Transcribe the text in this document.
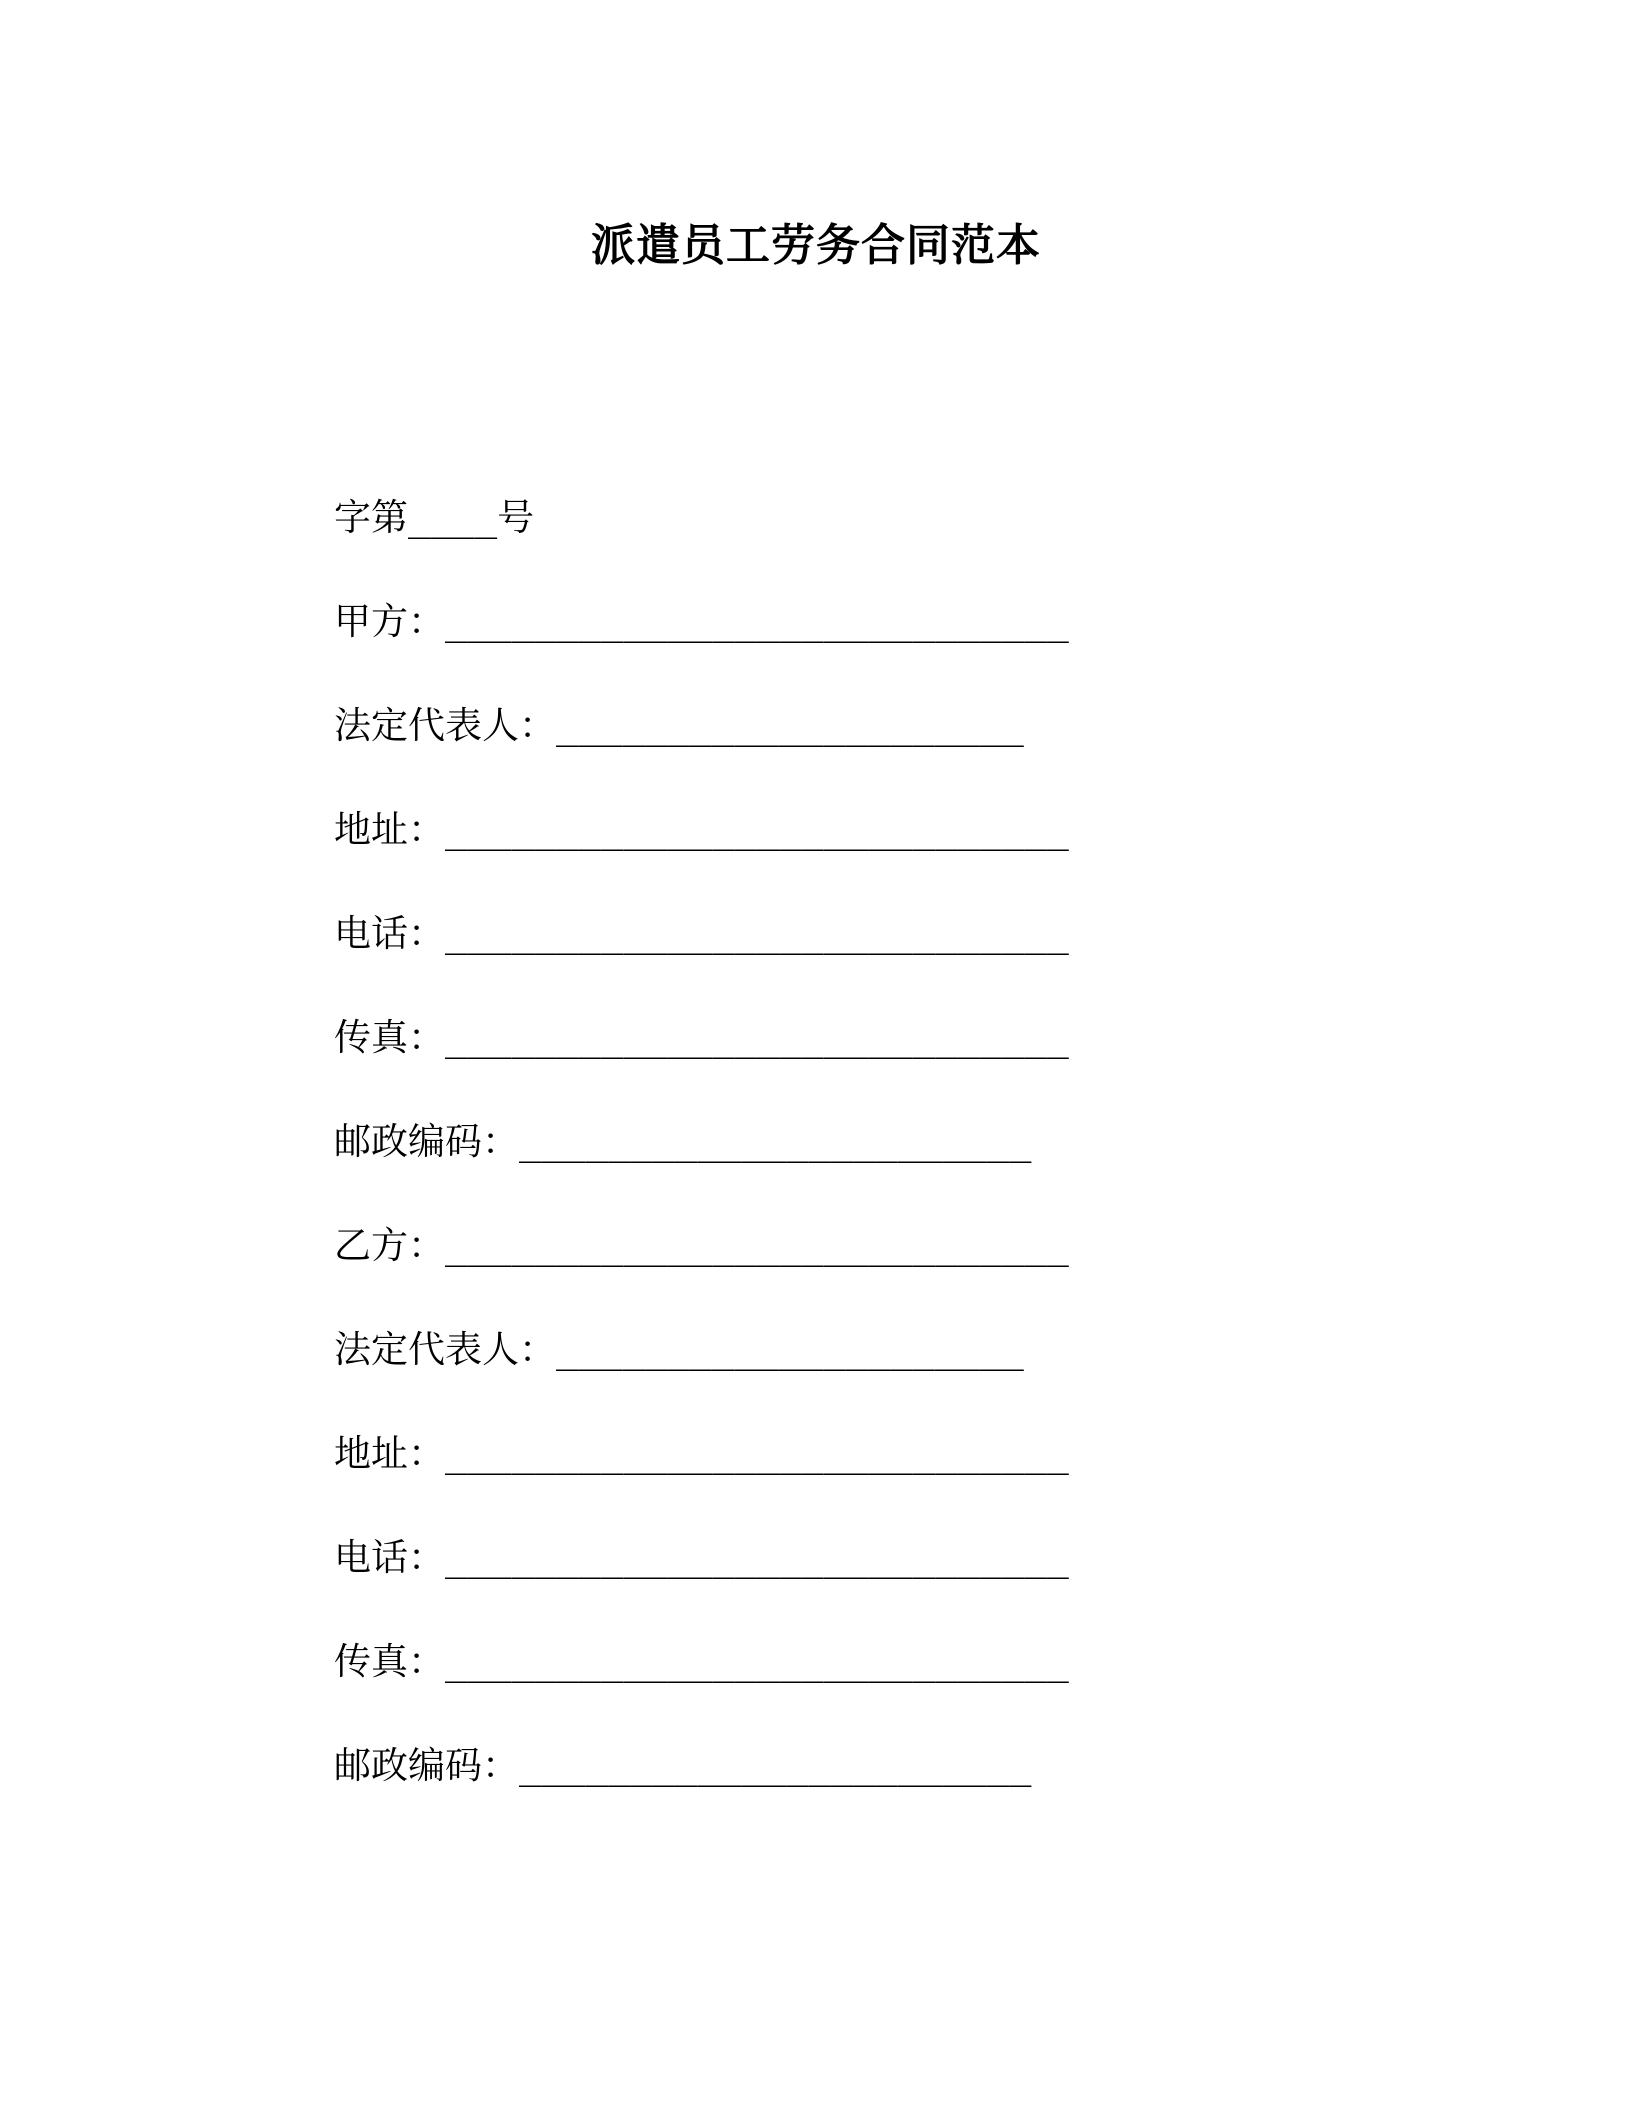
派遣员工劳务合同范本
字第 ____ 号
甲方： ____________________________
法定代表人： _____________________
地址： ____________________________
电话： ____________________________
传真： ____________________________
邮政编码： _______________________
乙方： ____________________________
法定代表人： _____________________
地址： ____________________________
电话： ____________________________
传真： ____________________________
邮政编码： _______________________
